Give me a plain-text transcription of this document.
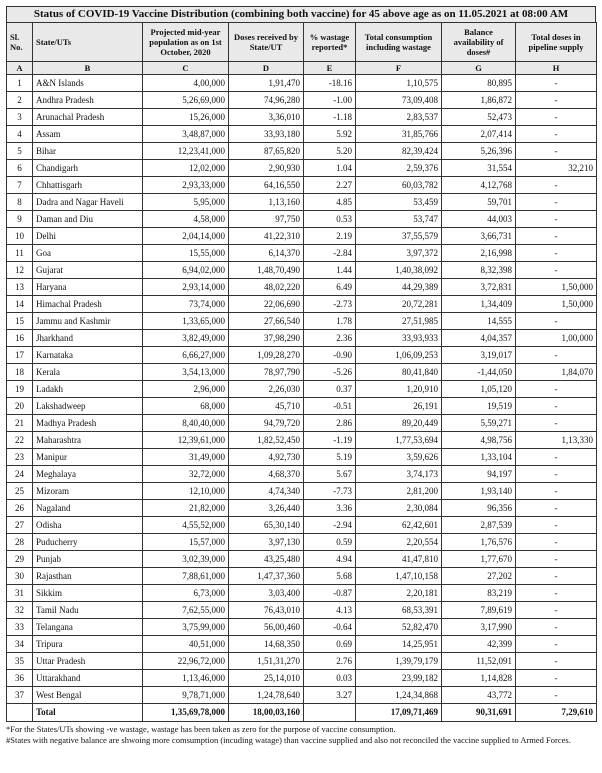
Status of COVID-19 Vaccine Distribution (combining both vaccine) for 45 above age as on 11.05.2021 at 08:00 AM
Sl. No.	State/UTs	Projected mid-year population as on 1st October, 2020	Doses received by State/UT	% wastage reported*	Total consumption including wastage	Balance availability of doses#	Total doses in pipeline supply
A	B	C	D	E	F	G	H
1	A&N Islands	4,00,000	1,91,470	-18.16	1,10,575	80,895	-
2	Andhra Pradesh	5,26,69,000	74,96,280	-1.00	73,09,408	1,86,872	-
3	Arunachal Pradesh	15,26,000	3,36,010	-1.18	2,83,537	52,473	-
4	Assam	3,48,87,000	33,93,180	5.92	31,85,766	2,07,414	-
5	Bihar	12,23,41,000	87,65,820	5.20	82,39,424	5,26,396	-
6	Chandigarh	12,02,000	2,90,930	1.04	2,59,376	31,554	32,210
7	Chhattisgarh	2,93,33,000	64,16,550	2.27	60,03,782	4,12,768	-
8	Dadra and Nagar Haveli	5,95,000	1,13,160	4.85	53,459	59,701	-
9	Daman and Diu	4,58,000	97,750	0.53	53,747	44,003	-
10	Delhi	2,04,14,000	41,22,310	2.19	37,55,579	3,66,731	-
11	Goa	15,55,000	6,14,370	-2.84	3,97,372	2,16,998	-
12	Gujarat	6,94,02,000	1,48,70,490	1.44	1,40,38,092	8,32,398	-
13	Haryana	2,93,14,000	48,02,220	6.49	44,29,389	3,72,831	1,50,000
14	Himachal Pradesh	73,74,000	22,06,690	-2.73	20,72,281	1,34,409	1,50,000
15	Jammu and Kashmir	1,33,65,000	27,66,540	1.78	27,51,985	14,555	-
16	Jharkhand	3,82,49,000	37,98,290	2.36	33,93,933	4,04,357	1,00,000
17	Karnataka	6,66,27,000	1,09,28,270	-0.90	1,06,09,253	3,19,017	-
18	Kerala	3,54,13,000	78,97,790	-5.26	80,41,840	-1,44,050	1,84,070
19	Ladakh	2,96,000	2,26,030	0.37	1,20,910	1,05,120	-
20	Lakshadweep	68,000	45,710	-0.51	26,191	19,519	-
21	Madhya Pradesh	8,40,40,000	94,79,720	2.86	89,20,449	5,59,271	-
22	Maharashtra	12,39,61,000	1,82,52,450	-1.19	1,77,53,694	4,98,756	1,13,330
23	Manipur	31,49,000	4,92,730	5.19	3,59,626	1,33,104	-
24	Meghalaya	32,72,000	4,68,370	5.67	3,74,173	94,197	-
25	Mizoram	12,10,000	4,74,340	-7.73	2,81,200	1,93,140	-
26	Nagaland	21,82,000	3,26,440	3.36	2,30,084	96,356	-
27	Odisha	4,55,52,000	65,30,140	-2.94	62,42,601	2,87,539	-
28	Puducherry	15,57,000	3,97,130	0.59	2,20,554	1,76,576	-
29	Punjab	3,02,39,000	43,25,480	4.94	41,47,810	1,77,670	-
30	Rajasthan	7,88,61,000	1,47,37,360	5.68	1,47,10,158	27,202	-
31	Sikkim	6,73,000	3,03,400	-0.87	2,20,181	83,219	-
32	Tamil Nadu	7,62,55,000	76,43,010	4.13	68,53,391	7,89,619	-
33	Telangana	3,75,99,000	56,00,460	-0.64	52,82,470	3,17,990	-
34	Tripura	40,51,000	14,68,350	0.69	14,25,951	42,399	-
35	Uttar Pradesh	22,96,72,000	1,51,31,270	2.76	1,39,79,179	11,52,091	-
36	Uttarakhand	1,13,46,000	25,14,010	0.03	23,99,182	1,14,828	-
37	West Bengal	9,78,71,000	1,24,78,640	3.27	1,24,34,868	43,772	-
	Total	1,35,69,78,000	18,00,03,160		17,09,71,469	90,31,691	7,29,610

*For the States/UTs showing -ve wastage, wastage has been taken as zero for the purpose of vaccine consumption.

#States with negative balance are shwoing more comsumption (incuding watage) than vaccine supplied and also not reconciled the vaccine supplied to Armed Forces.
